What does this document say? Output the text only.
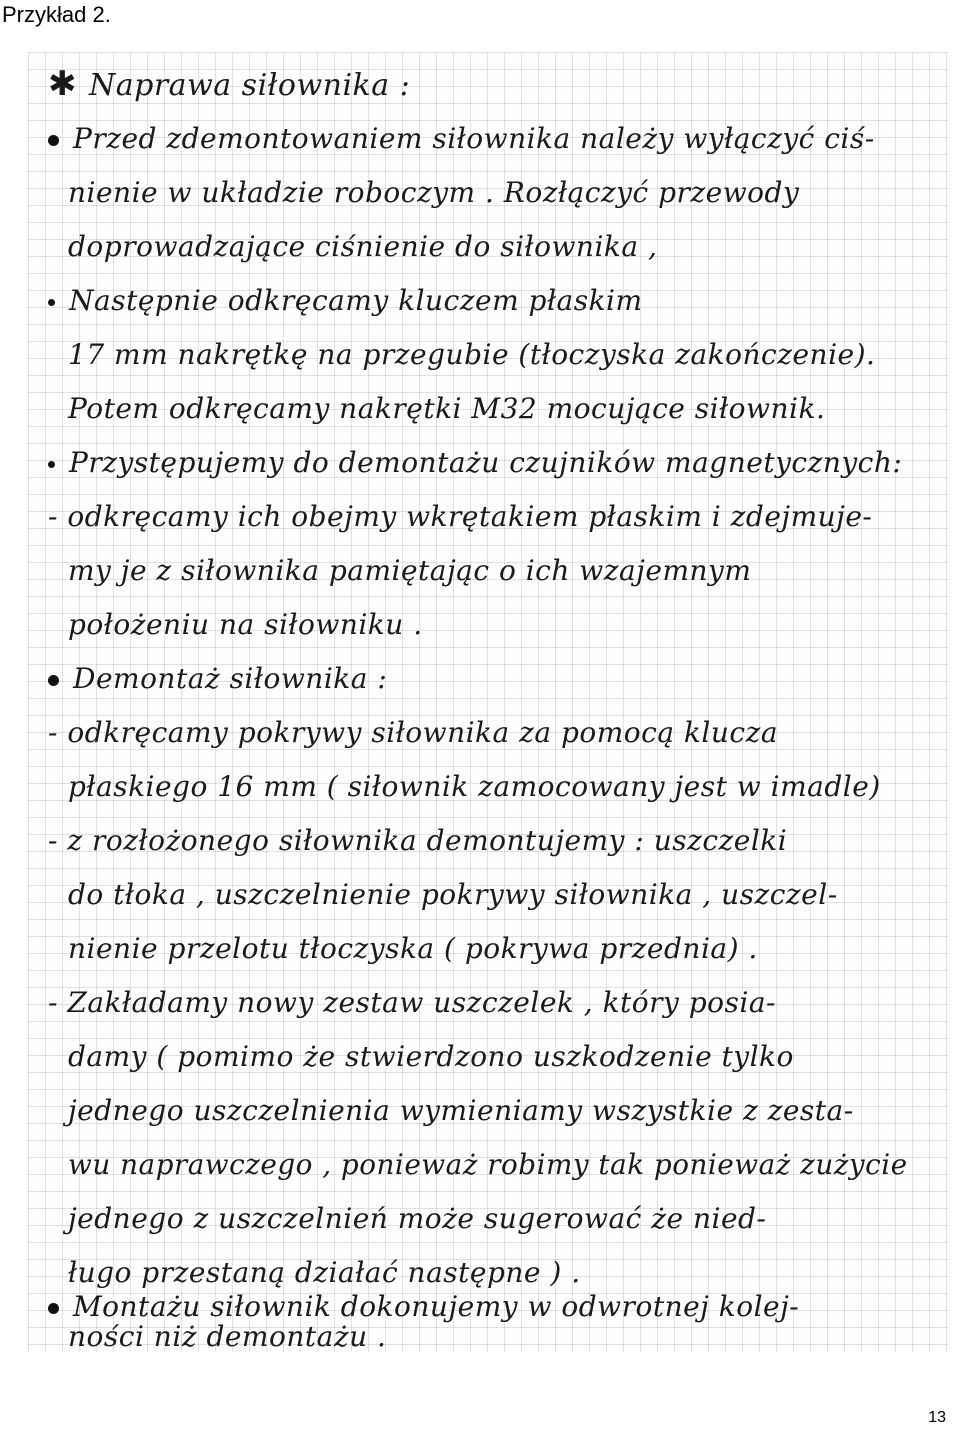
Przykład 2.
✱ Naprawa siłownika :
Przed zdemontowaniem siłownika należy wyłączyć ciś-
nienie w układzie roboczym . Rozłączyć przewody
doprowadzające ciśnienie do siłownika ,
Następnie odkręcamy kluczem płaskim
17 mm nakrętkę na przegubie (tłoczyska zakończenie).
Potem odkręcamy nakrętki M32 mocujące siłownik.
Przystępujemy do demontażu czujników magnetycznych:
- odkręcamy ich obejmy wkrętakiem płaskim i zdejmuje-
my je z siłownika pamiętając o ich wzajemnym
położeniu na siłowniku .
Demontaż siłownika :
- odkręcamy pokrywy siłownika za pomocą klucza
płaskiego 16 mm ( siłownik zamocowany jest w imadle)
- z rozłożonego siłownika demontujemy : uszczelki
do tłoka , uszczelnienie pokrywy siłownika , uszczel-
nienie przelotu tłoczyska ( pokrywa przednia) .
- Zakładamy nowy zestaw uszczelek , który posia-
damy ( pomimo że stwierdzono uszkodzenie tylko
jednego uszczelnienia wymieniamy wszystkie z zesta-
wu naprawczego , ponieważ robimy tak ponieważ zużycie
jednego z uszczelnień może sugerować że nied-
ługo przestaną działać następne ) .
Montażu siłownik dokonujemy w odwrotnej kolej-
ności niż demontażu .
13
